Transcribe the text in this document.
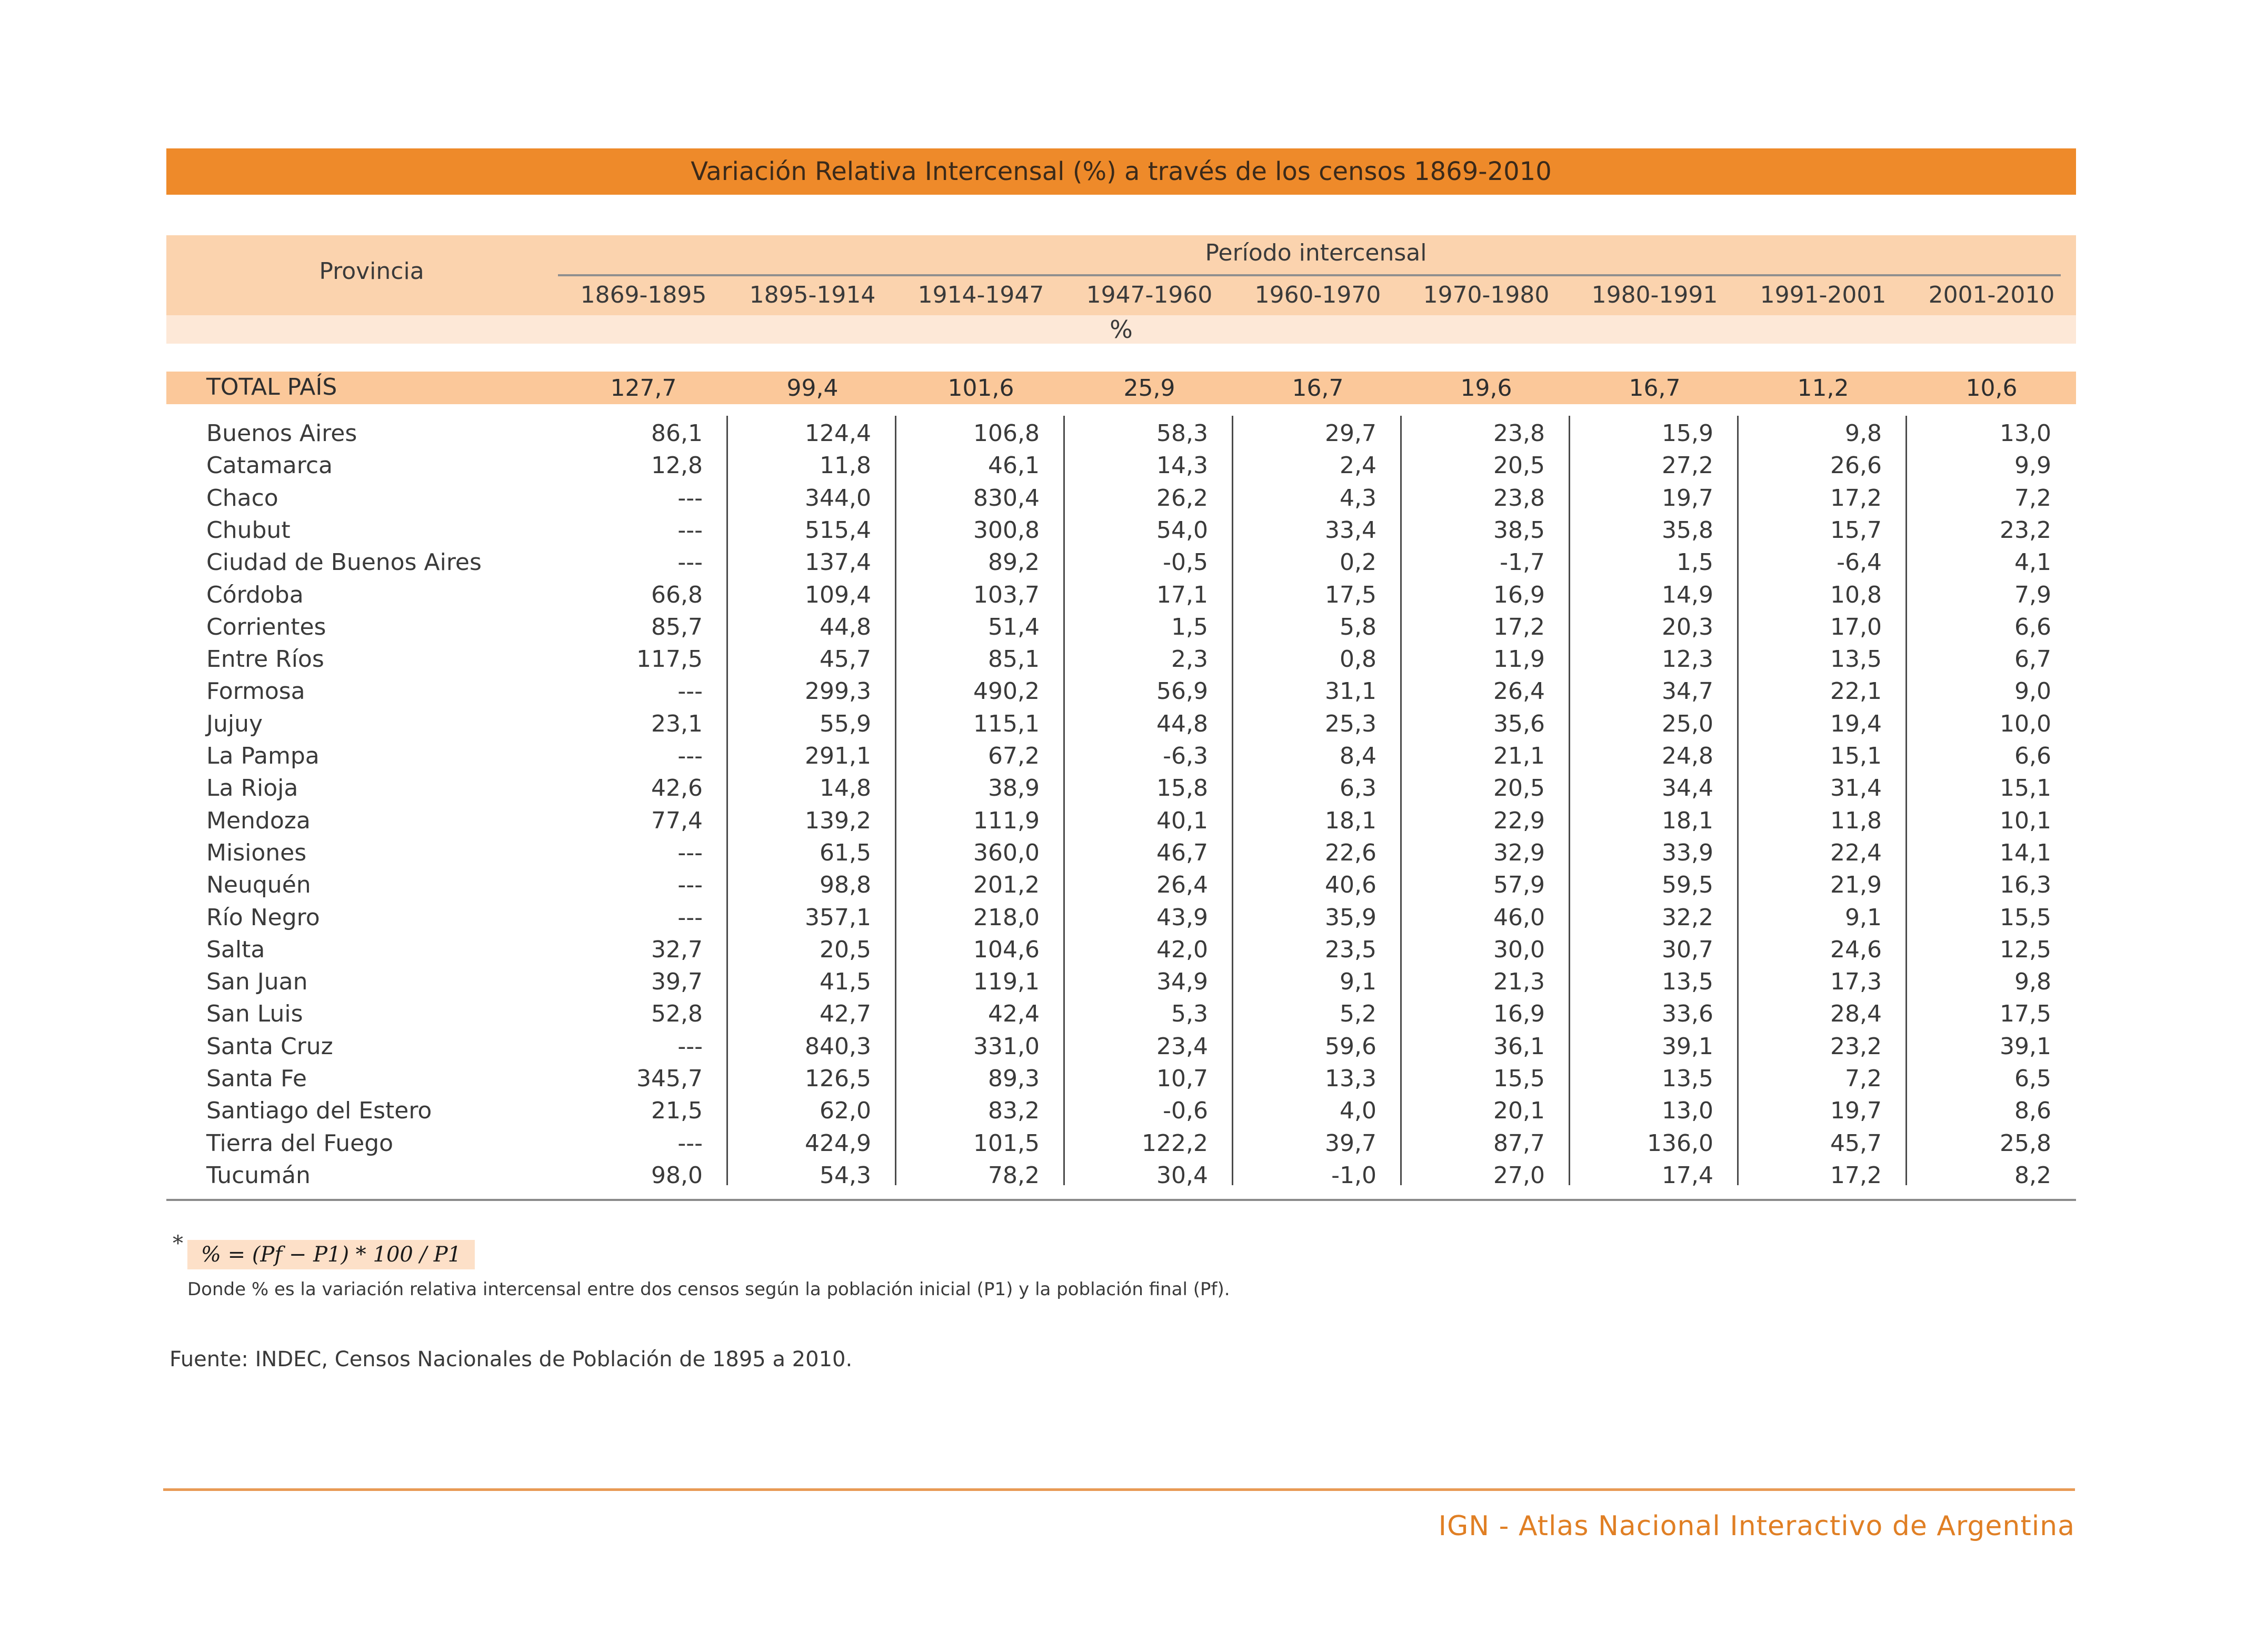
Variación Relativa Intercensal (%) a través de los censos 1869-2010
Provincia
Período intercensal
1869-1895	1895-1914	1914-1947	1947-1960	1960-1970	1970-1980	1980-1991	1991-2001	2001-2010
%
TOTAL PAÍS	127,7	99,4	101,6	25,9	16,7	19,6	16,7	11,2	10,6
Buenos Aires	86,1	124,4	106,8	58,3	29,7	23,8	15,9	9,8	13,0
Catamarca	12,8	11,8	46,1	14,3	2,4	20,5	27,2	26,6	9,9
Chaco	---	344,0	830,4	26,2	4,3	23,8	19,7	17,2	7,2
Chubut	---	515,4	300,8	54,0	33,4	38,5	35,8	15,7	23,2
Ciudad de Buenos Aires	---	137,4	89,2	-0,5	0,2	-1,7	1,5	-6,4	4,1
Córdoba	66,8	109,4	103,7	17,1	17,5	16,9	14,9	10,8	7,9
Corrientes	85,7	44,8	51,4	1,5	5,8	17,2	20,3	17,0	6,6
Entre Ríos	117,5	45,7	85,1	2,3	0,8	11,9	12,3	13,5	6,7
Formosa	---	299,3	490,2	56,9	31,1	26,4	34,7	22,1	9,0
Jujuy	23,1	55,9	115,1	44,8	25,3	35,6	25,0	19,4	10,0
La Pampa	---	291,1	67,2	-6,3	8,4	21,1	24,8	15,1	6,6
La Rioja	42,6	14,8	38,9	15,8	6,3	20,5	34,4	31,4	15,1
Mendoza	77,4	139,2	111,9	40,1	18,1	22,9	18,1	11,8	10,1
Misiones	---	61,5	360,0	46,7	22,6	32,9	33,9	22,4	14,1
Neuquén	---	98,8	201,2	26,4	40,6	57,9	59,5	21,9	16,3
Río Negro	---	357,1	218,0	43,9	35,9	46,0	32,2	9,1	15,5
Salta	32,7	20,5	104,6	42,0	23,5	30,0	30,7	24,6	12,5
San Juan	39,7	41,5	119,1	34,9	9,1	21,3	13,5	17,3	9,8
San Luis	52,8	42,7	42,4	5,3	5,2	16,9	33,6	28,4	17,5
Santa Cruz	---	840,3	331,0	23,4	59,6	36,1	39,1	23,2	39,1
Santa Fe	345,7	126,5	89,3	10,7	13,3	15,5	13,5	7,2	6,5
Santiago del Estero	21,5	62,0	83,2	-0,6	4,0	20,1	13,0	19,7	8,6
Tierra del Fuego	---	424,9	101,5	122,2	39,7	87,7	136,0	45,7	25,8
Tucumán	98,0	54,3	78,2	30,4	-1,0	27,0	17,4	17,2	8,2
* % = (Pf − P1) * 100 / P1
Donde % es la variación relativa intercensal entre dos censos según la población inicial (P1) y la población final (Pf).
Fuente: INDEC, Censos Nacionales de Población de 1895 a 2010.
IGN - Atlas Nacional Interactivo de Argentina
